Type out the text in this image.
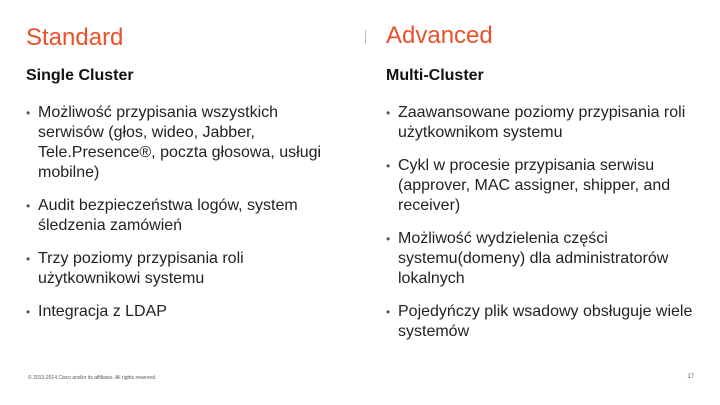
Standard
Single Cluster
• Możliwość przypisania wszystkich serwisów (głos, wideo, Jabber, Tele.Presence®, poczta głosowa, usługi mobilne)
• Audit bezpieczeństwa logów, system śledzenia zamówień
• Trzy poziomy przypisania roli użytkownikowi systemu
• Integracja z LDAP
Advanced
Multi-Cluster
• Zaawansowane poziomy przypisania roli użytkownikom systemu
• Cykl w procesie przypisania serwisu (approver, MAC assigner, shipper, and receiver)
• Możliwość wydzielenia części systemu(domeny) dla administratorów lokalnych
• Pojedyńczy plik wsadowy obsługuje wiele systemów
© 2013-2014 Cisco and/or its affiliates. All rights reserved.	17
